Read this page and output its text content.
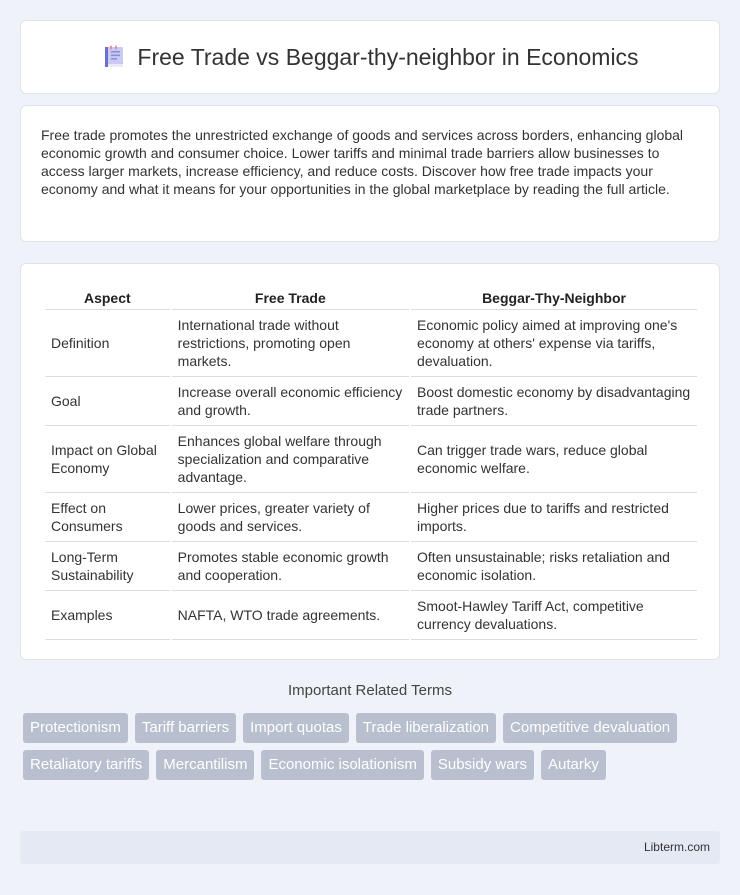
Free Trade vs Beggar-thy-neighbor in Economics

Free trade promotes the unrestricted exchange of goods and services across borders, enhancing global economic growth and consumer choice. Lower tariffs and minimal trade barriers allow businesses to access larger markets, increase efficiency, and reduce costs. Discover how free trade impacts your economy and what it means for your opportunities in the global marketplace by reading the full article.

Aspect	Free Trade	Beggar-Thy-Neighbor
Definition	International trade without restrictions, promoting open markets.	Economic policy aimed at improving one's economy at others' expense via tariffs, devaluation.
Goal	Increase overall economic efficiency and growth.	Boost domestic economy by disadvantaging trade partners.
Impact on Global Economy	Enhances global welfare through specialization and comparative advantage.	Can trigger trade wars, reduce global economic welfare.
Effect on Consumers	Lower prices, greater variety of goods and services.	Higher prices due to tariffs and restricted imports.
Long-Term Sustainability	Promotes stable economic growth and cooperation.	Often unsustainable; risks retaliation and economic isolation.
Examples	NAFTA, WTO trade agreements.	Smoot-Hawley Tariff Act, competitive currency devaluations.
Important Related Terms
Protectionism	Tariff barriers	Import quotas	Trade liberalization	Competitive devaluation
Retaliatory tariffs	Mercantilism	Economic isolationism	Subsidy wars	Autarky
Libterm.com
